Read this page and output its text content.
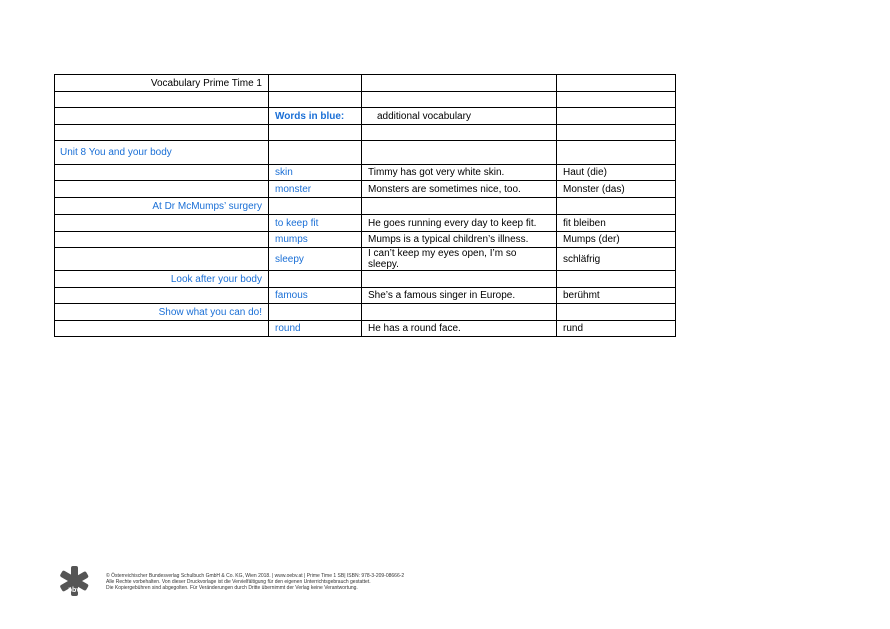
Vocabulary Prime Time 1			

	Words in blue:	additional vocabulary	

Unit 8 You and your body			
	skin	Timmy has got very white skin.	Haut (die)
	monster	Monsters are sometimes nice, too.	Monster (das)
At Dr McMumps’ surgery			
	to keep fit	He goes running every day to keep fit.	fit bleiben
	mumps	Mumps is a typical children’s illness.	Mumps (der)
	sleepy	I can’t keep my eyes open, I’m so sleepy.	schläfrig
Look after your body			
	famous	She’s a famous singer in Europe.	berühmt
Show what you can do!			
	round	He has a round face.	rund
öbv
© Österreichischer Bundesverlag Schulbuch GmbH & Co. KG, Wien 2018. | www.oebv.at | Prime Time 1 SB| ISBN: 978-3-209-08666-2
Alle Rechte vorbehalten. Von dieser Druckvorlage ist die Vervielfältigung für den eigenen Unterrichtsgebrauch gestattet.
Die Kopiergebühren sind abgegolten. Für Veränderungen durch Dritte übernimmt der Verlag keine Verantwortung.
